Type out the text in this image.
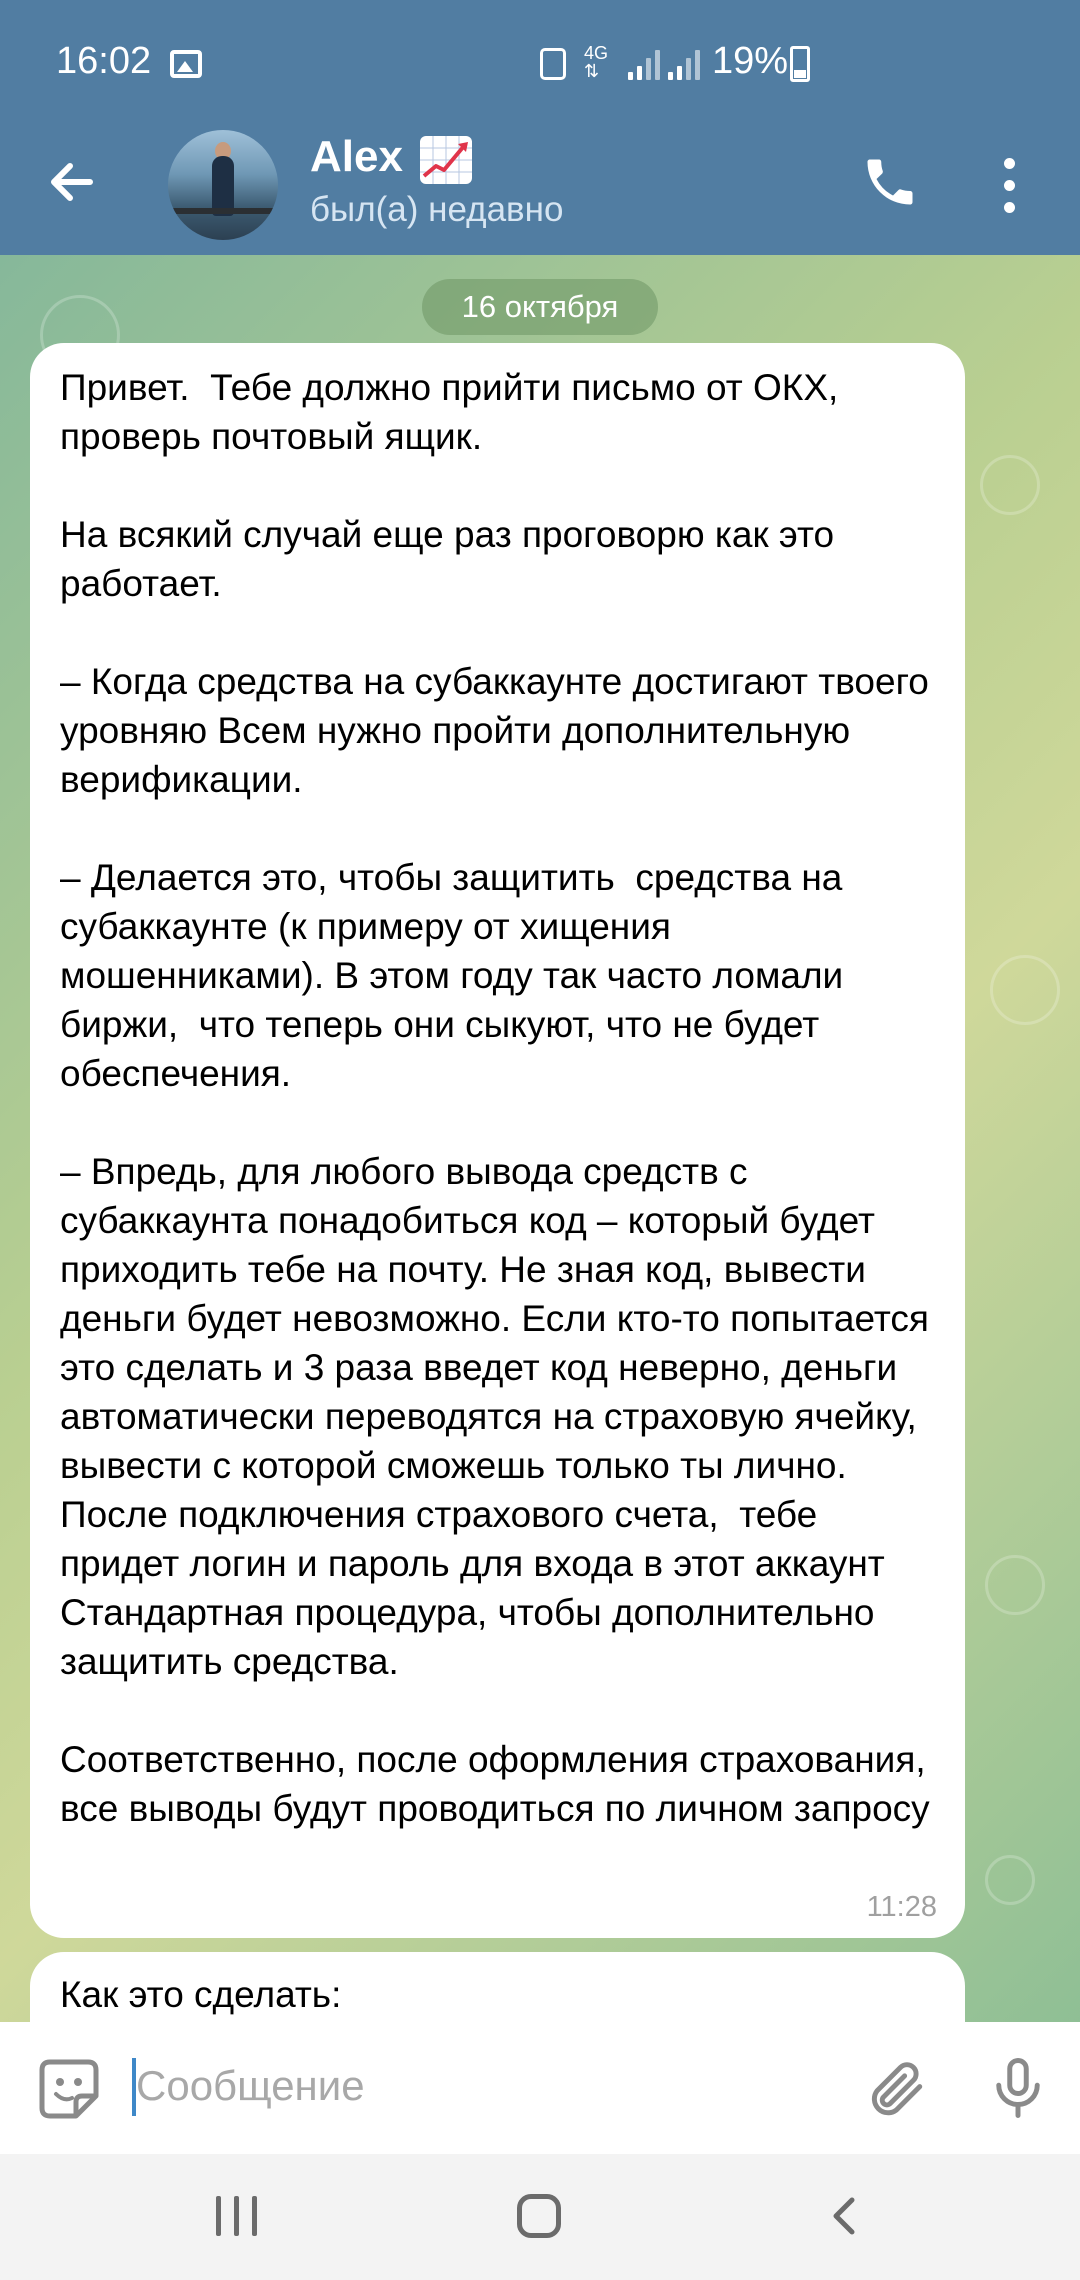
16:02	4G
⇅	19%
Alex
был(а) недавно
16 октября
Привет.  Тебе должно прийти письмо от ОКХ, проверь почтовый ящик.

На всякий случай еще раз проговорю как это работает.

– Когда средства на субаккаунте достигают твоего уровняю Всем нужно пройти дополнительную верификации.

– Делается это, чтобы защитить  средства на субаккаунте (к примеру от хищения мошенниками). В этом году так часто ломали биржи,  что теперь они сыкуют, что не будет обеспечения.

– Впредь, для любого вывода средств с субаккаунта понадобиться код – который будет приходить тебе на почту. Не зная код, вывести деньги будет невозможно. Если кто-то попытается это сделать и 3 раза введет код неверно, деньги автоматически переводятся на страховую ячейку, вывести с которой сможешь только ты лично.
После подключения страхового счета,  тебе придет логин и пароль для входа в этот аккаунт  Стандартная процедура, чтобы дополнительно защитить средства.

Соответственно, после оформления страхования, все выводы будут проводиться по личном запросу
11:28
Как это сделать:
Сообщение
